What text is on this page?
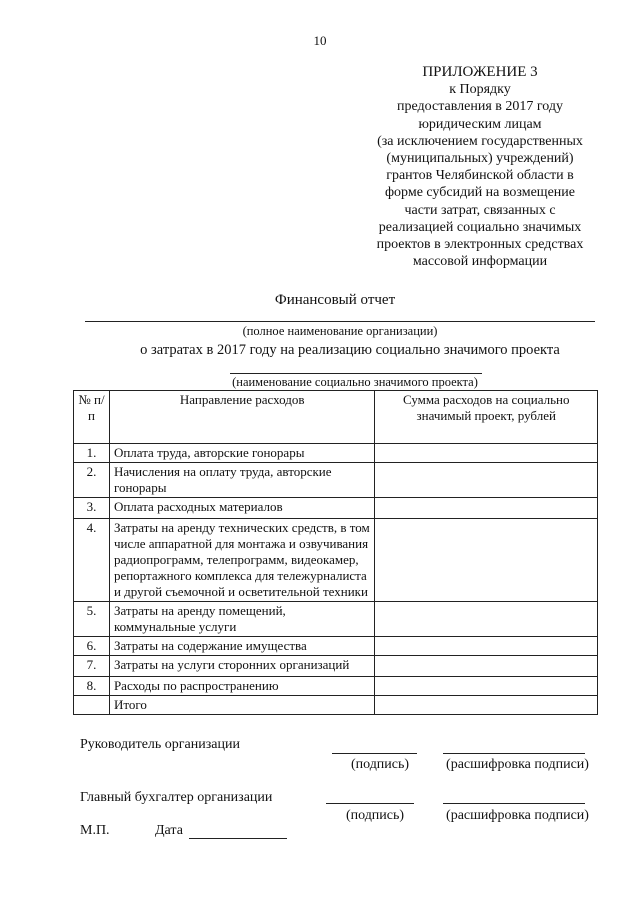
10
ПРИЛОЖЕНИЕ 3
к Порядку
предоставления в 2017 году
юридическим лицам
(за исключением государственных
(муниципальных) учреждений)
грантов Челябинской области в
форме субсидий на возмещение
части затрат, связанных с
реализацией социально значимых
проектов в электронных средствах
массовой информации
Финансовый отчет
(полное наименование организации)
о затратах в 2017 году на реализацию социально значимого проекта
(наименование социально значимого проекта)
№ п/п	Направление расходов	Сумма расходов на социально значимый проект, рублей
1.	Оплата труда, авторские гонорары	
2.	Начисления на оплату труда, авторские гонорары	
3.	Оплата расходных материалов	
4.	Затраты на аренду технических средств, в том числе аппаратной для монтажа и озвучивания радиопрограмм, телепрограмм, видеокамер, репортажного комплекса для тележурналиста и другой съемочной и осветительной техники	
5.	Затраты на аренду помещений, коммунальные услуги	
6.	Затраты на содержание имущества	
7.	Затраты на услуги сторонних организаций	
8.	Расходы по распространению	
	Итого	
Руководитель организации
(подпись)	(расшифровка подписи)
Главный бухгалтер организации
(подпись)	(расшифровка подписи)
М.П.	Дата
